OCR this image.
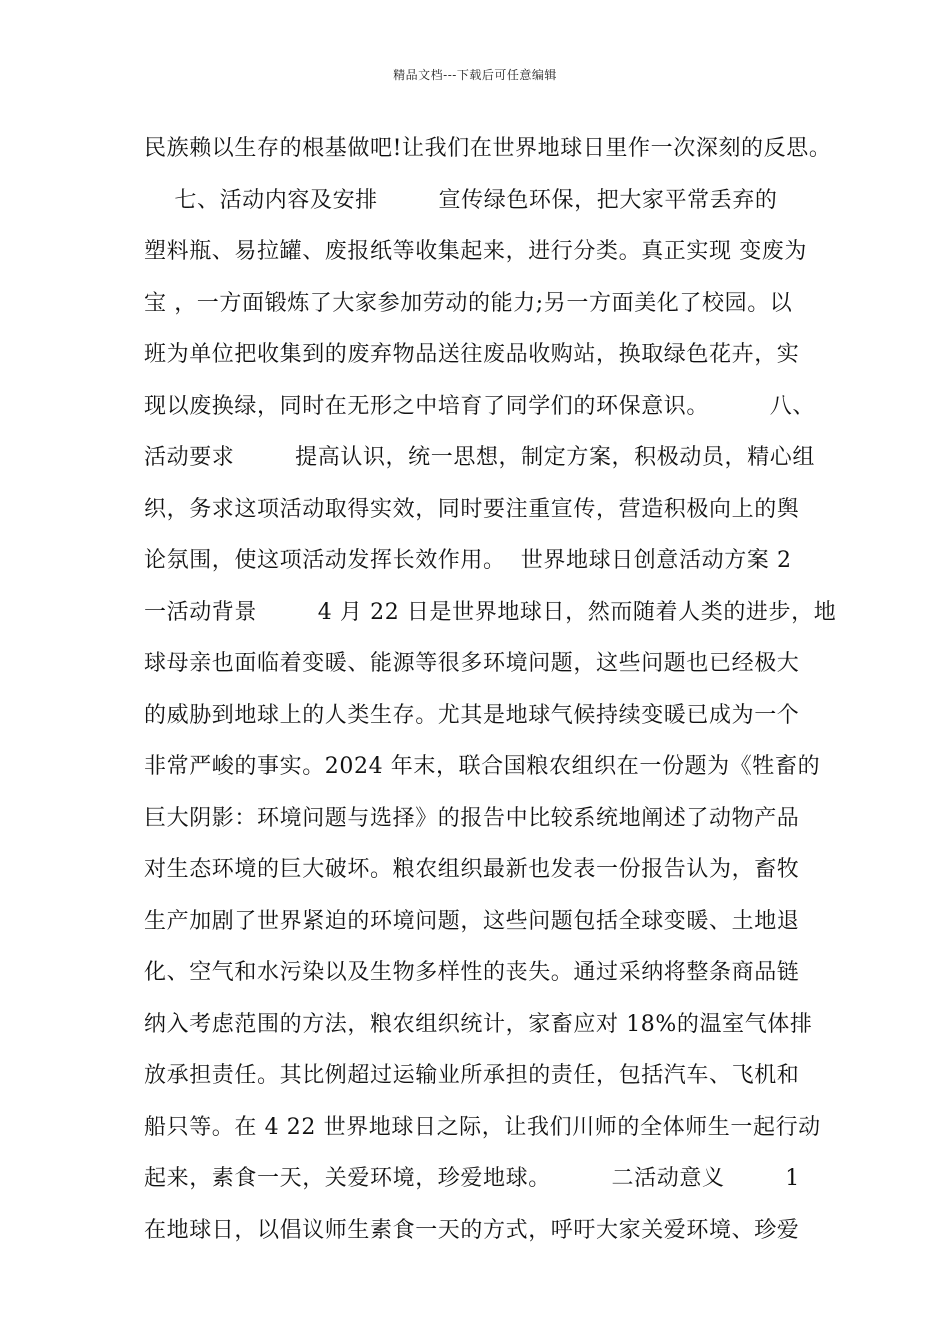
精品文档---下载后可任意编辑
民族赖以生存的根基做吧!让我们在世界地球日里作一次深刻的反思。
七、活动内容及安排        宣传绿色环保，把大家平常丢弃的
塑料瓶、易拉罐、废报纸等收集起来，进行分类。真正实现 变废为
宝 ，一方面锻炼了大家参加劳动的能力;另一方面美化了校园。以
班为单位把收集到的废弃物品送往废品收购站，换取绿色花卉，实
现以废换绿，同时在无形之中培育了同学们的环保意识。        八、
活动要求        提高认识，统一思想，制定方案，积极动员，精心组
织，务求这项活动取得实效，同时要注重宣传，营造积极向上的舆
论氛围，使这项活动发挥长效作用。  世界地球日创意活动方案 2
一活动背景        4 月 22 日是世界地球日，然而随着人类的进步，地
球母亲也面临着变暖、能源等很多环境问题，这些问题也已经极大
的威胁到地球上的人类生存。尤其是地球气候持续变暖已成为一个
非常严峻的事实。2024 年末，联合国粮农组织在一份题为《牲畜的
巨大阴影：环境问题与选择》的报告中比较系统地阐述了动物产品
对生态环境的巨大破坏。粮农组织最新也发表一份报告认为，畜牧
生产加剧了世界紧迫的环境问题，这些问题包括全球变暖、土地退
化、空气和水污染以及生物多样性的丧失。通过采纳将整条商品链
纳入考虑范围的方法，粮农组织统计，家畜应对 18%的温室气体排
放承担责任。其比例超过运输业所承担的责任，包括汽车、飞机和
船只等。在 4 22 世界地球日之际，让我们川师的全体师生一起行动
起来，素食一天，关爱环境，珍爱地球。        二活动意义        1
在地球日，以倡议师生素食一天的方式，呼吁大家关爱环境、珍爱
